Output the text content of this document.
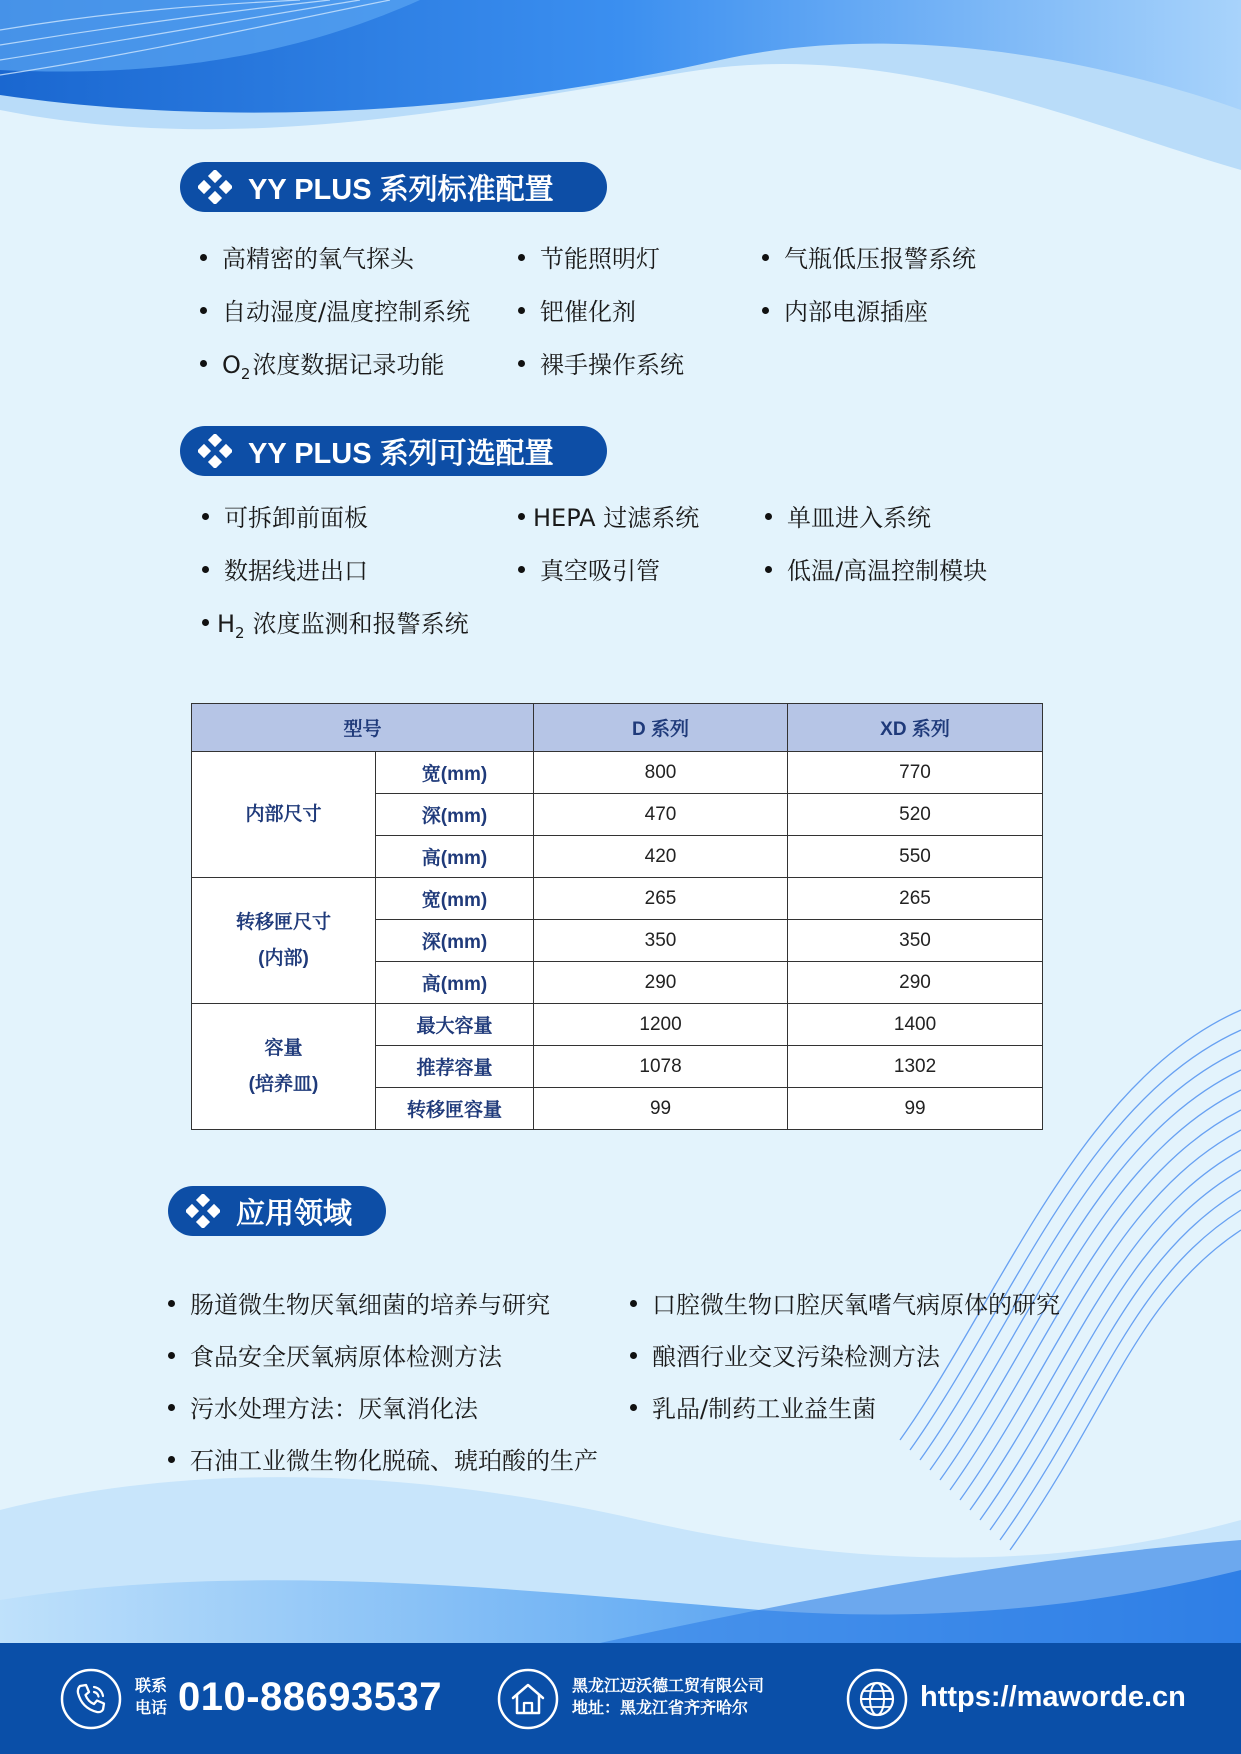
YY PLUS 系列标准配置
高精密的氧气探头	节能照明灯	气瓶低压报警系统
自动湿度/温度控制系统	钯催化剂	内部电源插座
$O_2$浓度数据记录功能	裸手操作系统
YY PLUS 系列可选配置
可拆卸前面板	HEPA 过滤系统	单皿进入系统
数据线进出口	真空吸引管	低温/高温控制模块
$H_2$ 浓度监测和报警系统
型号		D 系列	XD 系列

内部尺寸	宽(mm)	800	770
	深(mm)	470	520
	高(mm)	420	550

转移匣尺寸
(内部)	宽(mm)	265	265
	深(mm)	350	350
	高(mm)	290	290

容量
(培养皿)	最大容量	1200	1400
	推荐容量	1078	1302
	转移匣容量	99	99
应用领域
肠道微生物厌氧细菌的培养与研究	口腔微生物口腔厌氧嗜气病原体的研究
食品安全厌氧病原体检测方法	酿酒行业交叉污染检测方法
污水处理方法：厌氧消化法	乳品/制药工业益生菌
石油工业微生物化脱硫、琥珀酸的生产
联系
电话 010-88693537	黑龙江迈沃德工贸有限公司
地址：黑龙江省齐齐哈尔	https://maworde.cn
